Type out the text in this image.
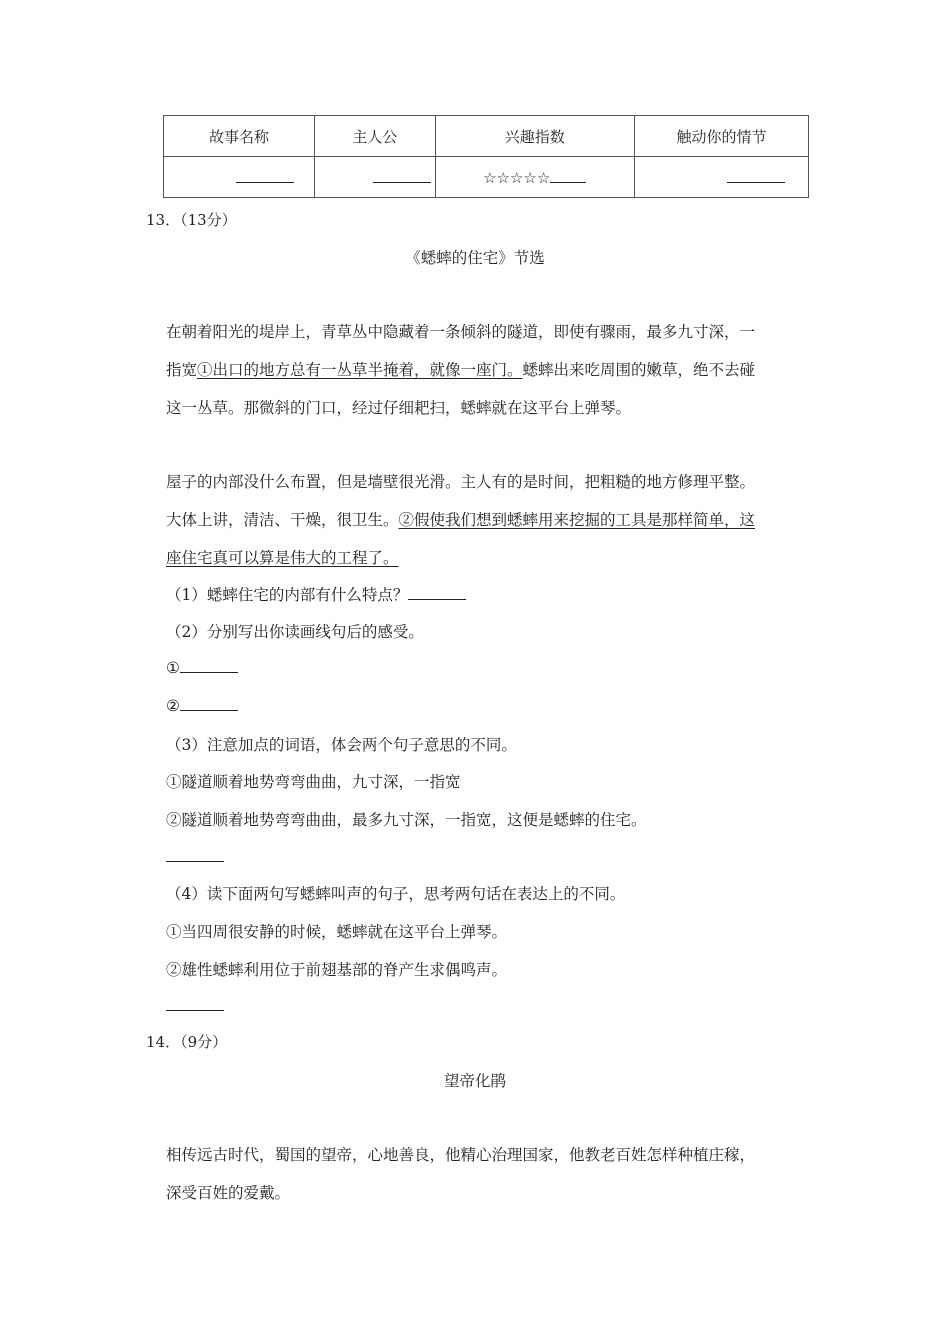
故事名称	主人公	兴趣指数	触动你的情节
		☆☆☆☆☆	
13．（13分）
《蟋蟀的住宅》节选
在朝着阳光的堤岸上，青草丛中隐藏着一条倾斜的隧道，即使有骤雨，最多九寸深，一
指宽①出口的地方总有一丛草半掩着，就像一座门。蟋蟀出来吃周围的嫩草，绝不去碰
这一丛草。那微斜的门口，经过仔细耙扫，蟋蟀就在这平台上弹琴。
屋子的内部没什么布置，但是墙壁很光滑。主人有的是时间，把粗糙的地方修理平整。
大体上讲，清洁、干燥，很卫生。②假使我们想到蟋蟀用来挖掘的工具是那样简单，这
座住宅真可以算是伟大的工程了。
（1）蟋蟀住宅的内部有什么特点？
（2）分别写出你读画线句后的感受。
①
②
（3）注意加点的词语，体会两个句子意思的不同。
①隧道顺着地势弯弯曲曲，九寸深，一指宽
②隧道顺着地势弯弯曲曲，最多九寸深，一指宽，这便是蟋蟀的住宅。
（4）读下面两句写蟋蟀叫声的句子，思考两句话在表达上的不同。
①当四周很安静的时候，蟋蟀就在这平台上弹琴。
②雄性蟋蟀利用位于前翅基部的脊产生求偶鸣声。
14．（9分）
望帝化鹃
相传远古时代，蜀国的望帝，心地善良，他精心治理国家，他教老百姓怎样种植庄稼，
深受百姓的爱戴。
